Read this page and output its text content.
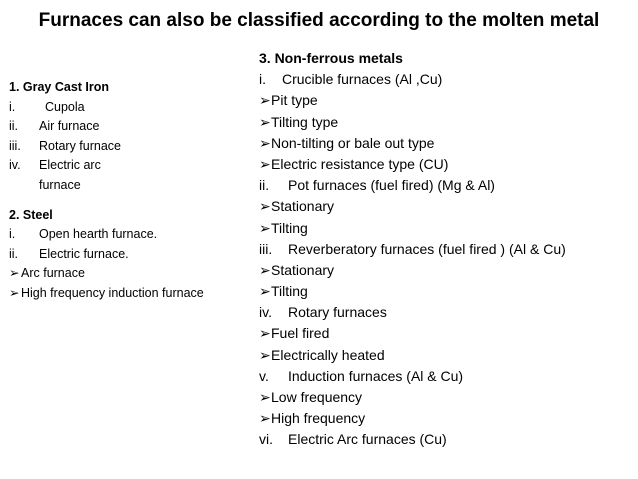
Furnaces can also be classified according to the molten metal
1. Gray Cast Iron
i.	Cupola
ii.	Air furnace
iii.	Rotary furnace
iv.	Electric arc
furnace
2. Steel
i.	Open hearth furnace.
ii.	Electric furnace.
➢ Arc furnace
➢ High frequency induction furnace
3. Non-ferrous metals
i.	Crucible furnaces (Al ,Cu)
➢ Pit type
➢ Tilting type
➢ Non-tilting or bale out type
➢ Electric resistance type (CU)
ii.	Pot furnaces (fuel fired) (Mg & Al)
➢ Stationary
➢ Tilting
iii.	Reverberatory furnaces (fuel fired ) (Al & Cu)
➢ Stationary
➢ Tilting
iv.	Rotary furnaces
➢ Fuel fired
➢ Electrically heated
v.	Induction furnaces (Al & Cu)
➢ Low frequency
➢ High frequency
vi.	Electric Arc furnaces (Cu)
